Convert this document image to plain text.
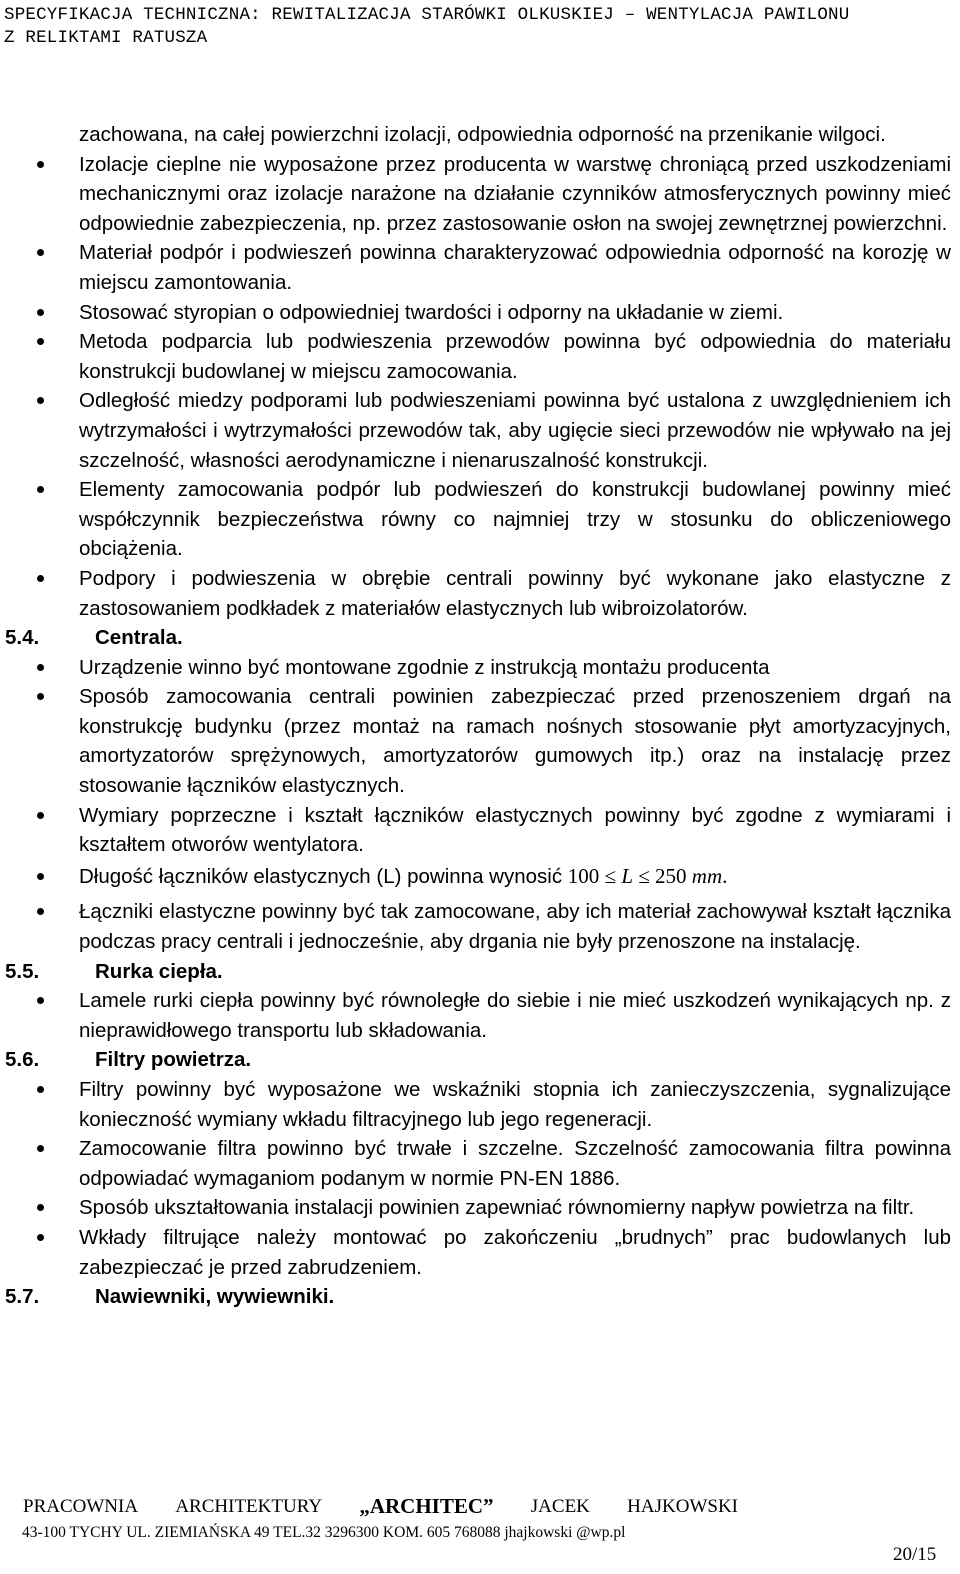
SPECYFIKACJA TECHNICZNA: REWITALIZACJA STARÓWKI OLKUSKIEJ – WENTYLACJA PAWILONU
Z RELIKTAMI RATUSZA
zachowana, na całej powierzchni izolacji, odpowiednia odporność na przenikanie wilgoci.
Izolacje cieplne nie wyposażone przez producenta w warstwę chroniącą przed uszkodzeniami mechanicznymi oraz izolacje narażone na działanie czynników atmosferycznych powinny mieć odpowiednie zabezpieczenia, np. przez zastosowanie osłon na swojej zewnętrznej powierzchni.
Materiał podpór i podwieszeń powinna charakteryzować odpowiednia odporność na korozję w miejscu zamontowania.
Stosować styropian o odpowiedniej twardości i odporny na układanie w ziemi.
Metoda podparcia lub podwieszenia przewodów powinna być odpowiednia do materiału konstrukcji budowlanej w miejscu zamocowania.
Odległość miedzy podporami lub podwieszeniami powinna być ustalona z uwzględnieniem ich wytrzymałości i wytrzymałości przewodów tak, aby ugięcie sieci przewodów nie wpływało na jej szczelność, własności aerodynamiczne i nienaruszalność konstrukcji.
Elementy zamocowania podpór lub podwieszeń do konstrukcji budowlanej powinny mieć współczynnik bezpieczeństwa równy co najmniej trzy w stosunku do obliczeniowego obciążenia.
Podpory i podwieszenia w obrębie centrali powinny być wykonane jako elastyczne z zastosowaniem podkładek z materiałów elastycznych lub wibroizolatorów.
5.4.	Centrala.
Urządzenie winno być montowane zgodnie z instrukcją montażu producenta
Sposób zamocowania centrali powinien zabezpieczać przed przenoszeniem drgań na konstrukcję budynku (przez montaż na ramach nośnych stosowanie płyt amortyzacyjnych, amortyzatorów sprężynowych, amortyzatorów gumowych itp.) oraz na instalację przez stosowanie łączników elastycznych.
Wymiary poprzeczne i kształt łączników elastycznych powinny być zgodne z wymiarami i kształtem otworów wentylatora.
Długość łączników elastycznych (L) powinna wynosić 100 ≤ L ≤ 250 mm.
Łączniki elastyczne powinny być tak zamocowane, aby ich materiał zachowywał kształt łącznika podczas pracy centrali i jednocześnie, aby drgania nie były przenoszone na instalację.
5.5.	Rurka ciepła.
Lamele rurki ciepła powinny być równoległe do siebie i nie mieć uszkodzeń wynikających np. z nieprawidłowego transportu lub składowania.
5.6.	Filtry powietrza.
Filtry powinny być wyposażone we wskaźniki stopnia ich zanieczyszczenia, sygnalizujące konieczność wymiany wkładu filtracyjnego lub jego regeneracji.
Zamocowanie filtra powinno być trwałe i szczelne. Szczelność zamocowania filtra powinna odpowiadać wymaganiom podanym w normie PN-EN 1886.
Sposób ukształtowania instalacji powinien zapewniać równomierny napływ powietrza na filtr.
Wkłady filtrujące należy montować po zakończeniu „brudnych” prac budowlanych lub zabezpieczać je przed zabrudzeniem.
5.7.	Nawiewniki, wywiewniki.
PRACOWNIA ARCHITEKTURY „ARCHITEC” JACEK HAJKOWSKI
43-100 TYCHY UL. ZIEMIAŃSKA 49 TEL.32 3296300 KOM. 605 768088 jhajkowski @wp.pl
20/15
